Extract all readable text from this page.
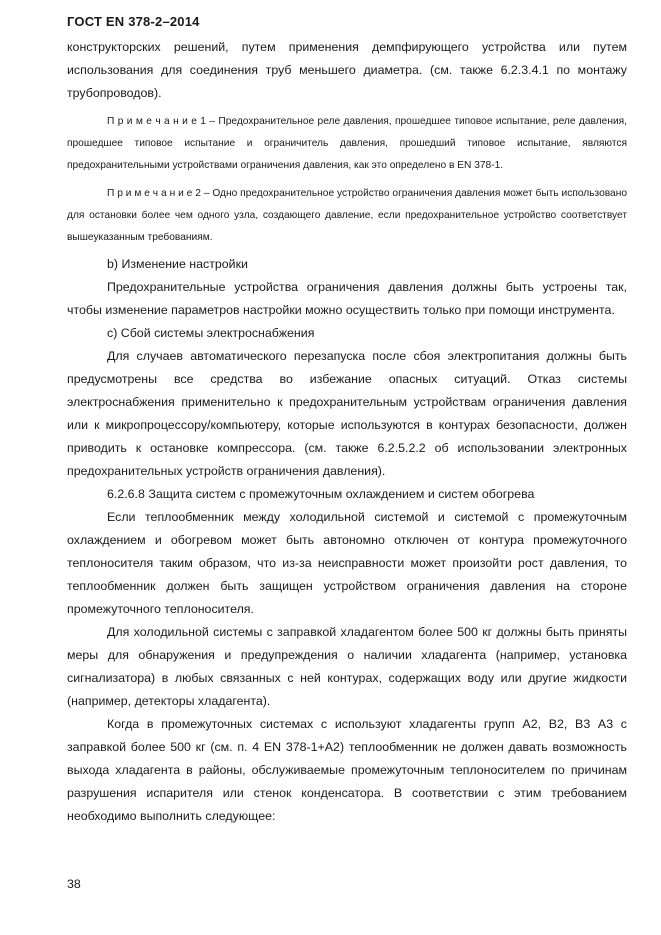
ГОСТ EN 378-2–2014

конструкторских решений, путем применения демпфирующего устройства или путем использования для соединения труб меньшего диаметра. (см. также 6.2.3.4.1 по монтажу трубопроводов).

П р и м е ч а н и е 1 – Предохранительное реле давления, прошедшее типовое испытание, реле давления, прошедшее типовое испытание и ограничитель давления, прошедший типовое испытание, являются предохранительными устройствами ограничения давления, как это определено в EN 378-1.

П р и м е ч а н и е 2 – Одно предохранительное устройство ограничения давления может быть использовано для остановки более чем одного узла, создающего давление, если предохранительное устройство соответствует вышеуказанным требованиям.

b) Изменение настройки

Предохранительные устройства ограничения давления должны быть устроены так, чтобы изменение параметров настройки можно осуществить только при помощи инструмента.

c) Сбой системы электроснабжения

Для случаев автоматического перезапуска после сбоя электропитания должны быть предусмотрены все средства во избежание опасных ситуаций. Отказ системы электроснабжения применительно к предохранительным устройствам ограничения давления или к микропроцессору/компьютеру, которые используются в контурах безопасности, должен приводить к остановке компрессора. (см. также 6.2.5.2.2 об использовании электронных предохранительных устройств ограничения давления).

6.2.6.8 Защита систем с промежуточным охлаждением и систем обогрева

Если теплообменник между холодильной системой и системой с промежуточным охлаждением и обогревом может быть автономно отключен от контура промежуточного теплоносителя таким образом, что из-за неисправности может произойти рост давления, то теплообменник должен быть защищен устройством ограничения давления на стороне промежуточного теплоносителя.

Для холодильной системы с заправкой хладагентом более 500 кг должны быть приняты меры для обнаружения и предупреждения о наличии хладагента (например, установка сигнализатора) в любых связанных с ней контурах, содержащих воду или другие жидкости (например, детекторы хладагента).

Когда в промежуточных системах с используют хладагенты групп А2, В2, В3 А3 с заправкой более 500 кг (см. п. 4 EN 378-1+А2) теплообменник не должен давать возможность выхода хладагента в районы, обслуживаемые промежуточным теплоносителем по причинам разрушения испарителя или стенок конденсатора. В соответствии с этим требованием необходимо выполнить следующее:

38
